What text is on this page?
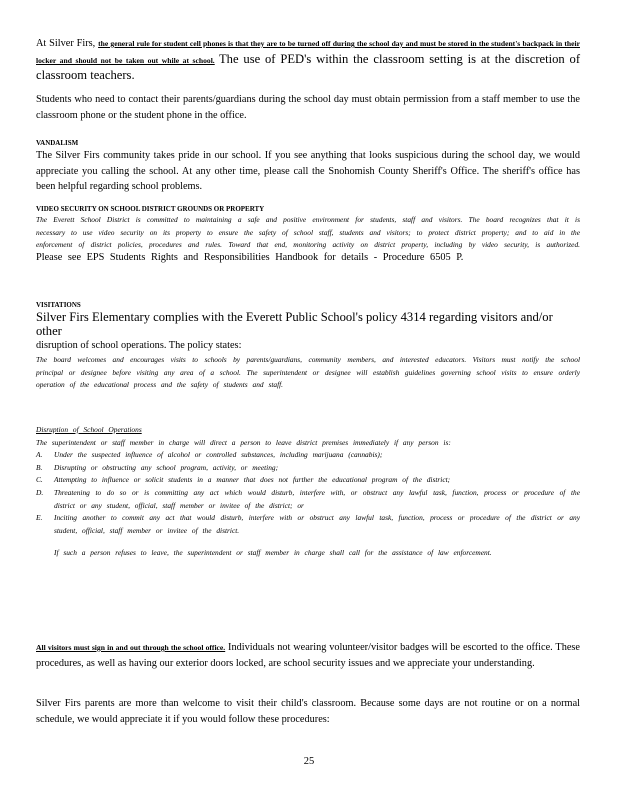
At Silver Firs, the general rule for student cell phones is that they are to be turned off during the school day and must be stored in the student's backpack in their locker and should not be taken out while at school. The use of PED's within the classroom setting is at the discretion of classroom teachers.

Students who need to contact their parents/guardians during the school day must obtain permission from a staff member to use the classroom phone or the student phone in the office.

VANDALISM

The Silver Firs community takes pride in our school. If you see anything that looks suspicious during the school day, we would appreciate you calling the school. At any other time, please call the Snohomish County Sheriff's Office. The sheriff's office has been helpful regarding school problems.

VIDEO SECURITY ON SCHOOL DISTRICT GROUNDS OR PROPERTY

The Everett School District is committed to maintaining a safe and positive environment for students, staff and visitors. The board recognizes that it is necessary to use video security on its property to ensure the safety of school staff, students and visitors; to protect district property; and to aid in the enforcement of district policies, procedures and rules. Toward that end, monitoring activity on district property, including by video security, is authorized. Please see EPS Students Rights and Responsibilities Handbook for details - Procedure 6505 P.

VISITATIONS
Silver Firs Elementary complies with the Everett Public School's policy 4314 regarding visitors and/or other
disruption of school operations. The policy states:

The board welcomes and encourages visits to schools by parents/guardians, community members, and interested educators. Visitors must notify the school principal or designee before visiting any area of a school. The superintendent or designee will establish guidelines governing school visits to ensure orderly operation of the educational process and the safety of students and staff.

Disruption of School Operations
The superintendent or staff member in charge will direct a person to leave district premises immediately if any person is:
A. Under the suspected influence of alcohol or controlled substances, including marijuana (cannabis);
B. Disrupting or obstructing any school program, activity, or meeting;
C. Attempting to influence or solicit students in a manner that does not further the educational program of the district;
D. Threatening to do so or is committing any act which would disturb, interfere with, or obstruct any lawful task, function, process or procedure of the district or any student, official, staff member or invitee of the district; or
E. Inciting another to commit any act that would disturb, interfere with or obstruct any lawful task, function, process or procedure of the district or any student, official, staff member or invitee of the district.
If such a person refuses to leave, the superintendent or staff member in charge shall call for the assistance of law enforcement.

All visitors must sign in and out through the school office. Individuals not wearing volunteer/visitor badges will be escorted to the office. These procedures, as well as having our exterior doors locked, are school security issues and we appreciate your understanding.

Silver Firs parents are more than welcome to visit their child's classroom. Because some days are not routine or on a normal schedule, we would appreciate it if you would follow these procedures:

25
